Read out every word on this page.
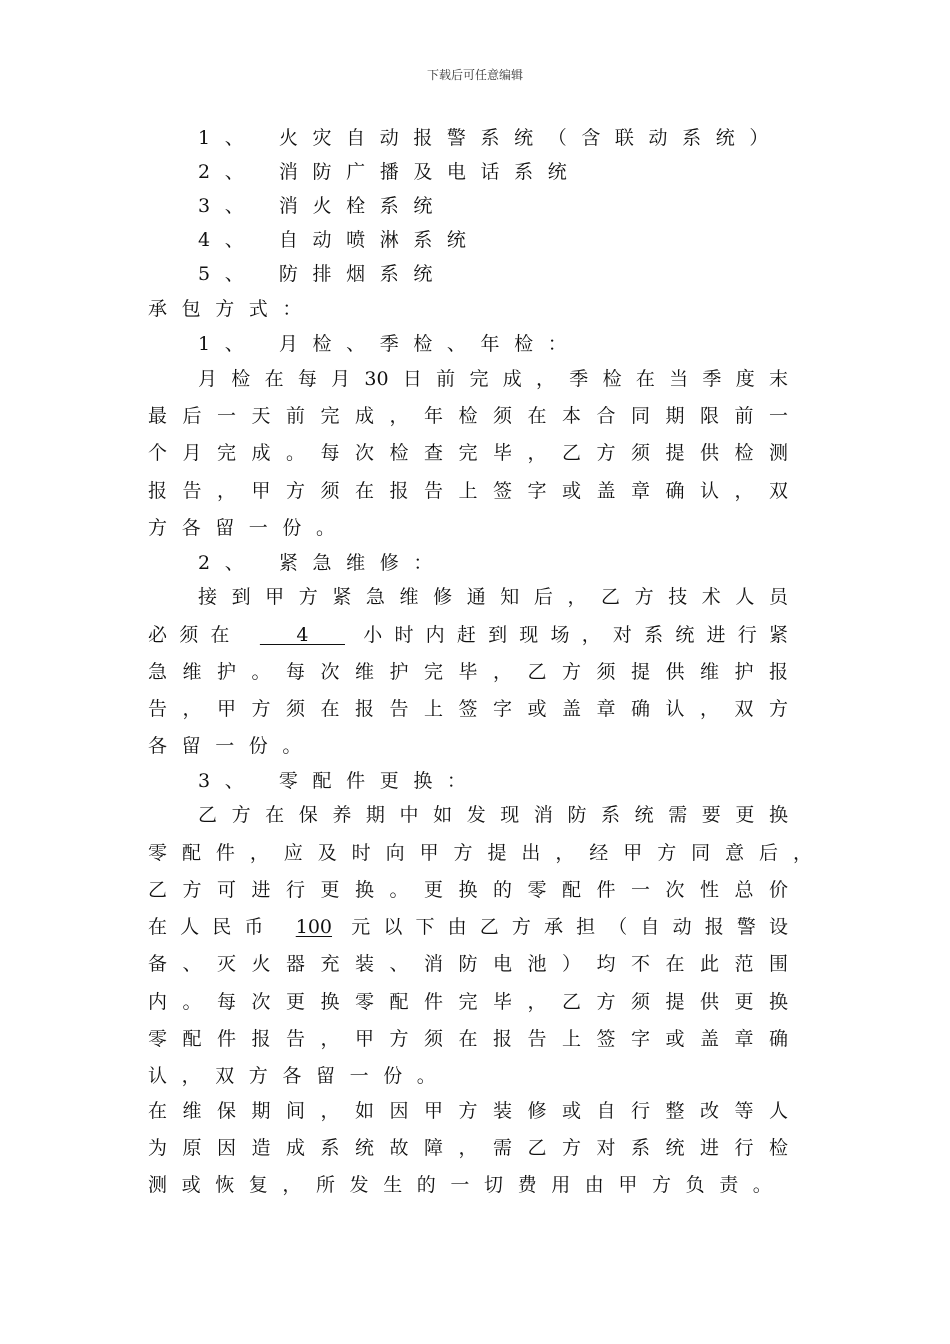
下载后可任意编辑
1、 火灾自动报警系统（含联动系统）
2、 消防广播及电话系统
3、 消火栓系统
4、 自动喷淋系统
5、 防排烟系统
承包方式：
1、 月检、季检、年检：
月检在每月30日前完成，季检在当季度末
最后一天前完成，年检须在本合同期限前一
个月完成。每次检查完毕，乙方须提供检测
报告，甲方须在报告上签字或盖章确认，双
方各留一份。
2、 紧急维修：
接到甲方紧急维修通知后，乙方技术人员
必须在   4   小时内赶到现场，对系统进行紧
急维护。每次维护完毕，乙方须提供维护报
告，甲方须在报告上签字或盖章确认，双方
各留一份。
3、 零配件更换：
乙方在保养期中如发现消防系统需要更换
零配件，应及时向甲方提出，经甲方同意后，
乙方可进行更换。更换的零配件一次性总价
在人民币 100 元以下由乙方承担（自动报警设
备、灭火器充装、消防电池）均不在此范围
内。每次更换零配件完毕，乙方须提供更换
零配件报告，甲方须在报告上签字或盖章确
认，双方各留一份。
在维保期间，如因甲方装修或自行整改等人
为原因造成系统故障，需乙方对系统进行检
测或恢复，所发生的一切费用由甲方负责。
